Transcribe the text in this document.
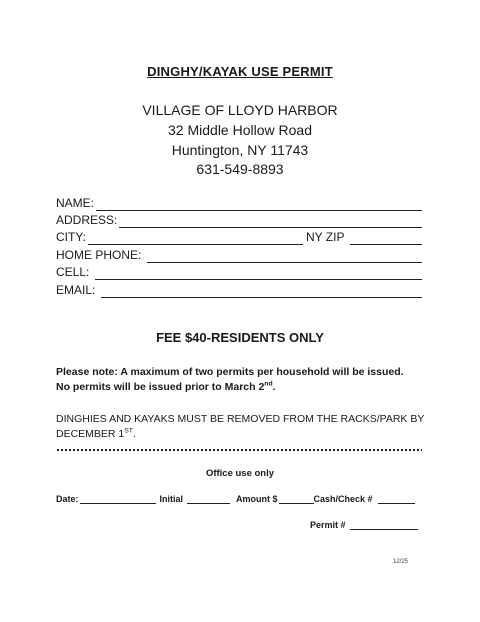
DINGHY/KAYAK USE PERMIT
VILLAGE OF LLOYD HARBOR
32 Middle Hollow Road
Huntington, NY 11743
631-549-8893
NAME:
ADDRESS:
CITY:	NY ZIP
HOME PHONE:
CELL:
EMAIL:
FEE $40-RESIDENTS ONLY
Please note: A maximum of two permits per household will be issued.
No permits will be issued prior to March 2nd.
DINGHIES AND KAYAKS MUST BE REMOVED FROM THE RACKS/PARK BY
DECEMBER 1ST.
Office use only
Date:	Initial	Amount $	Cash/Check #
Permit #
12/25
